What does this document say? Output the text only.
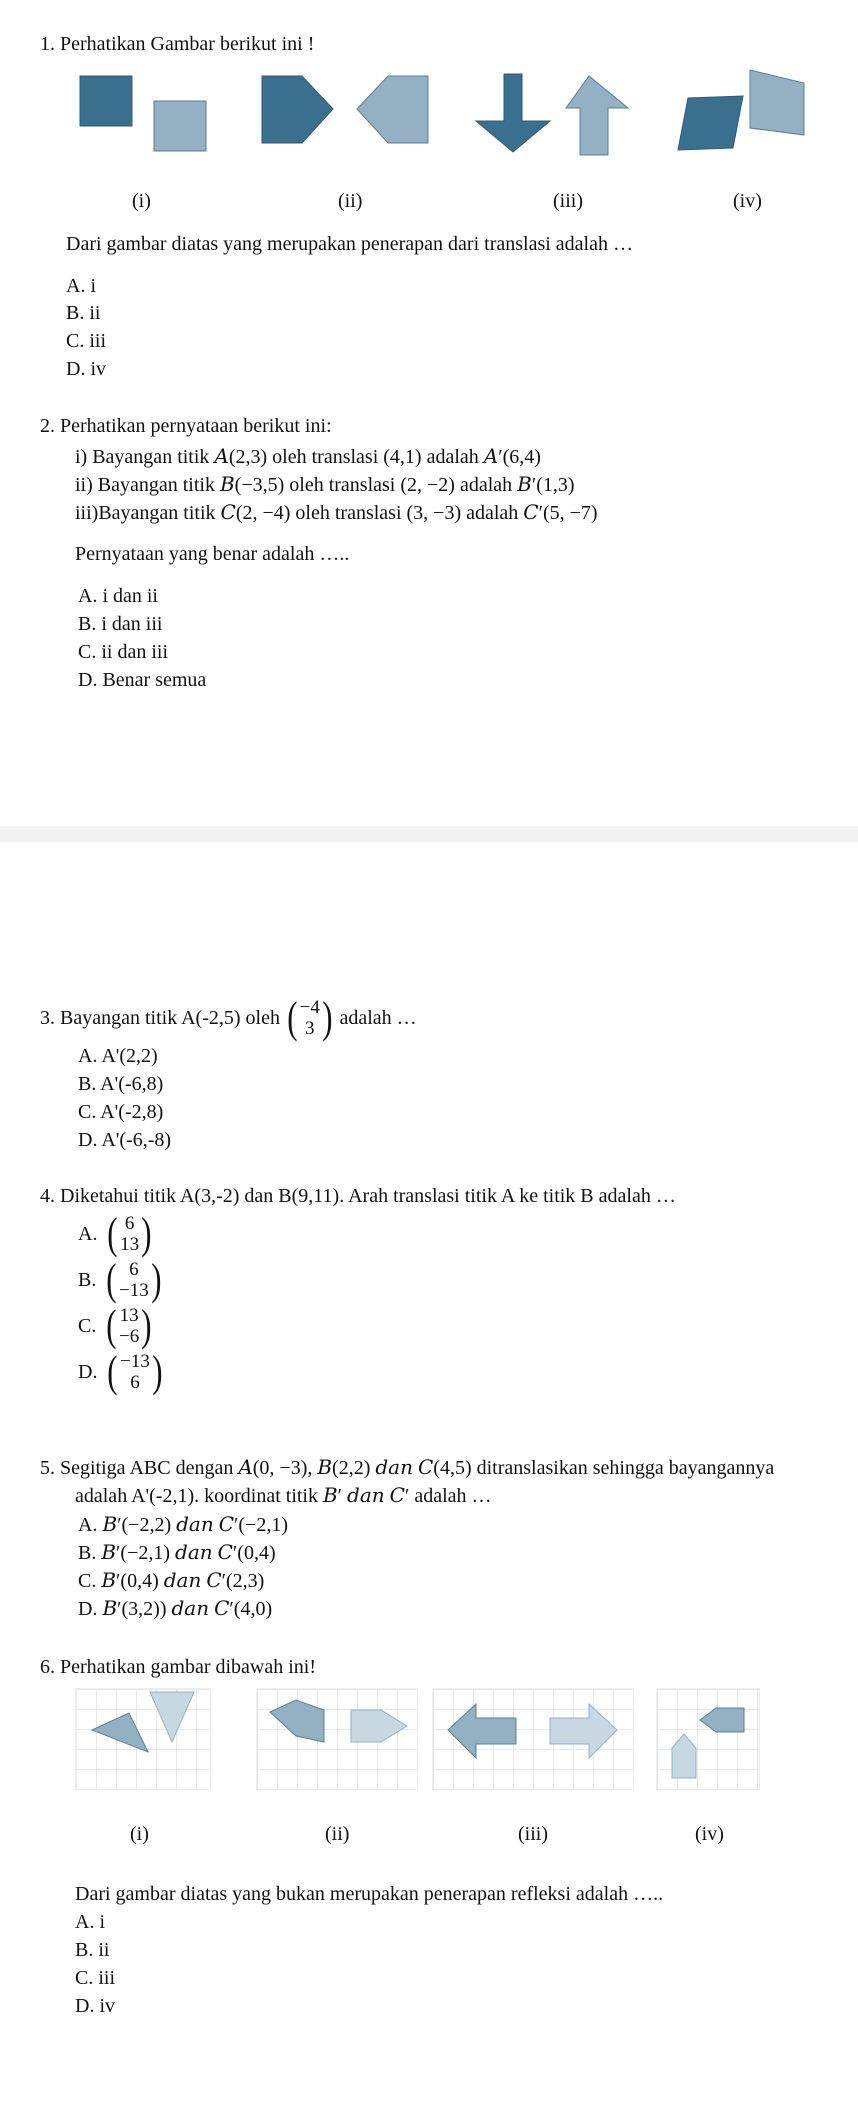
1. Perhatikan Gambar berikut ini !
(i)	(ii)	(iii)	(iv)
Dari gambar diatas yang merupakan penerapan dari translasi adalah …
A. i
B. ii
C. iii
D. iv
2. Perhatikan pernyataan berikut ini:
i) Bayangan titik 𝐴(2,3) oleh translasi (4,1) adalah 𝐴′(6,4)
ii) Bayangan titik 𝐵(−3,5) oleh translasi (2, −2) adalah 𝐵′(1,3)
iii)Bayangan titik 𝐶(2, −4) oleh translasi (3, −3) adalah 𝐶′(5, −7)
Pernyataan yang benar adalah …..
A. i dan ii
B. i dan iii
C. ii dan iii
D. Benar semua
3. Bayangan titik A(-2,5) oleh ( −4
3 ) adalah …
A. A'(2,2)
B. A'(-6,8)
C. A'(-2,8)
D. A'(-6,-8)
4. Diketahui titik A(3,-2) dan B(9,11). Arah translasi titik A ke titik B adalah …
A. ( 6
13 )
B. ( 6
−13 )
C. ( 13
−6 )
D. ( −13
6 )
5. Segitiga ABC dengan 𝐴(0, −3), 𝐵(2,2) 𝑑𝑎𝑛 𝐶(4,5) ditranslasikan sehingga bayangannya
adalah A'(-2,1). koordinat titik 𝐵′ 𝑑𝑎𝑛 𝐶′ adalah …
A. 𝐵′(−2,2) 𝑑𝑎𝑛 𝐶′(−2,1)
B. 𝐵′(−2,1) 𝑑𝑎𝑛 𝐶′(0,4)
C. 𝐵′(0,4) 𝑑𝑎𝑛 𝐶′(2,3)
D. 𝐵′(3,2)) 𝑑𝑎𝑛 𝐶′(4,0)
6. Perhatikan gambar dibawah ini!
(i)	(ii)	(iii)	(iv)
Dari gambar diatas yang bukan merupakan penerapan refleksi adalah …..
A. i
B. ii
C. iii
D. iv
